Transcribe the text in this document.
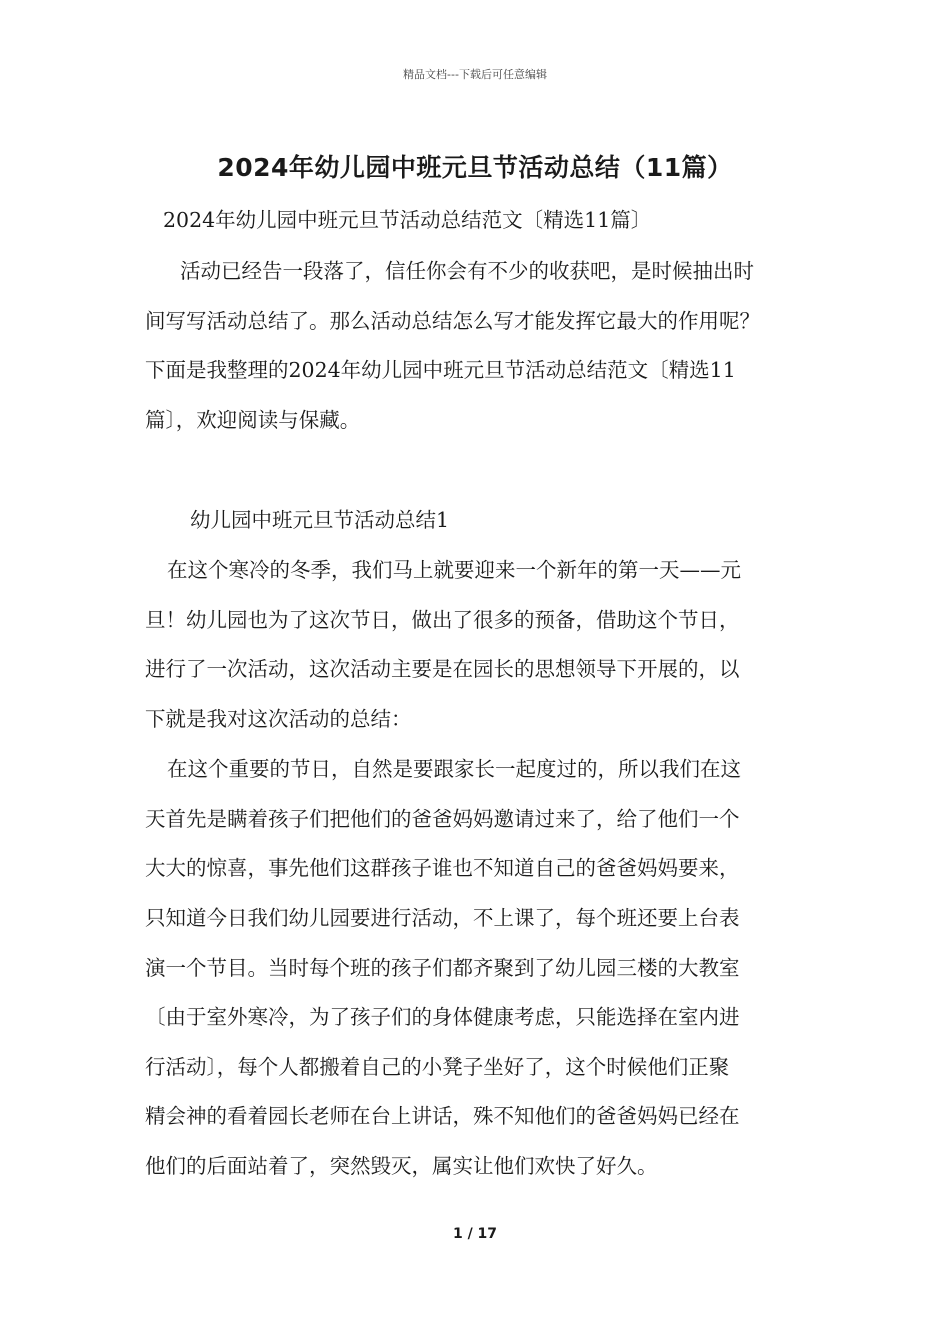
精品文档---下载后可任意编辑
2024年幼儿园中班元旦节活动总结（11篇）
2024年幼儿园中班元旦节活动总结范文〔精选11篇〕
活动已经告一段落了，信任你会有不少的收获吧，是时候抽出时
间写写活动总结了。那么活动总结怎么写才能发挥它最大的作用呢？
下面是我整理的2024年幼儿园中班元旦节活动总结范文〔精选11
篇〕，欢迎阅读与保藏。
幼儿园中班元旦节活动总结1
在这个寒冷的冬季，我们马上就要迎来一个新年的第一天——元
旦！幼儿园也为了这次节日，做出了很多的预备，借助这个节日，
进行了一次活动，这次活动主要是在园长的思想领导下开展的，以
下就是我对这次活动的总结：
在这个重要的节日，自然是要跟家长一起度过的，所以我们在这
天首先是瞒着孩子们把他们的爸爸妈妈邀请过来了，给了他们一个
大大的惊喜，事先他们这群孩子谁也不知道自己的爸爸妈妈要来，
只知道今日我们幼儿园要进行活动，不上课了，每个班还要上台表
演一个节目。当时每个班的孩子们都齐聚到了幼儿园三楼的大教室
〔由于室外寒冷，为了孩子们的身体健康考虑，只能选择在室内进
行活动〕，每个人都搬着自己的小凳子坐好了，这个时候他们正聚
精会神的看着园长老师在台上讲话，殊不知他们的爸爸妈妈已经在
他们的后面站着了，突然毁灭，属实让他们欢快了好久。
1 / 17
